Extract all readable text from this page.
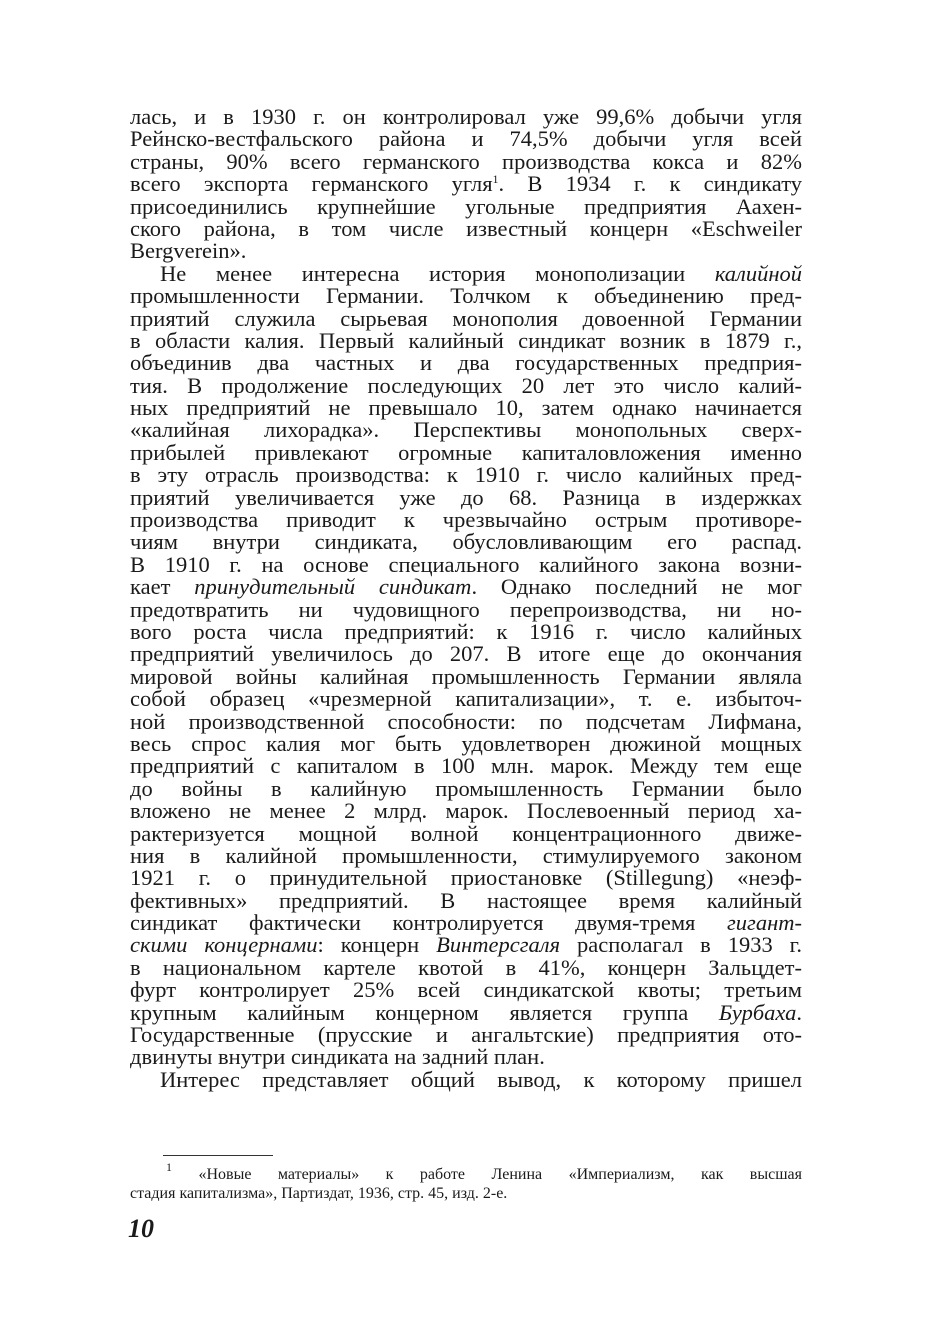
лась, и в 1930 г. он контролировал уже 99,6% добычи угля
Рейнско-вестфальского района и 74,5% добычи угля всей
страны, 90% всего германского производства кокса и 82%
всего экспорта германского угля$^1$. В 1934 г. к синдикату
присоединились крупнейшие угольные предприятия Аахен-
ского района, в том числе известный концерн «Eschweiler
Bergverein».
Не менее интересна история монополизации калийной
промышленности Германии. Толчком к объединению пред-
приятий служила сырьевая монополия довоенной Германии
в области калия. Первый калийный синдикат возник в 1879 г.,
объединив два частных и два государственных предприя-
тия. В продолжение последующих 20 лет это число калий-
ных предприятий не превышало 10, затем однако начинается
«калийная лихорадка». Перспективы монопольных сверх-
прибылей привлекают огромные капиталовложения именно
в эту отрасль производства: к 1910 г. число калийных пред-
приятий увеличивается уже до 68. Разница в издержках
производства приводит к чрезвычайно острым противоре-
чиям внутри синдиката, обусловливающим его распад.
В 1910 г. на основе специального калийного закона возни-
кает принудительный синдикат. Однако последний не мог
предотвратить ни чудовищного перепроизводства, ни но-
вого роста числа предприятий: к 1916 г. число калийных
предприятий увеличилось до 207. В итоге еще до окончания
мировой войны калийная промышленность Германии являла
собой образец «чрезмерной капитализации», т. е. избыточ-
ной производственной способности: по подсчетам Лифмана,
весь спрос калия мог быть удовлетворен дюжиной мощных
предприятий с капиталом в 100 млн. марок. Между тем еще
до войны в калийную промышленность Германии было
вложено не менее 2 млрд. марок. Послевоенный период ха-
рактеризуется мощной волной концентрационного движе-
ния в калийной промышленности, стимулируемого законом
1921 г. о принудительной приостановке (Stillegung) «неэф-
фективных» предприятий. В настоящее время калийный
синдикат фактически контролируется двумя-тремя гигант-
скими концернами: концерн Винтерсгаля располагал в 1933 г.
в национальном картеле квотой в 41%, концерн Зальцдет-
фурт контролирует 25% всей синдикатской квоты; третьим
крупным калийным концерном является группа Бурбаха.
Государственные (прусские и ангальтские) предприятия ото-
двинуты внутри синдиката на задний план.
Интерес представляет общий вывод, к которому пришел
$^1$ «Новые материалы» к работе Ленина «Империализм, как высшая
стадия капитализма», Партиздат, 1936, стр. 45, изд. 2-е.
10
